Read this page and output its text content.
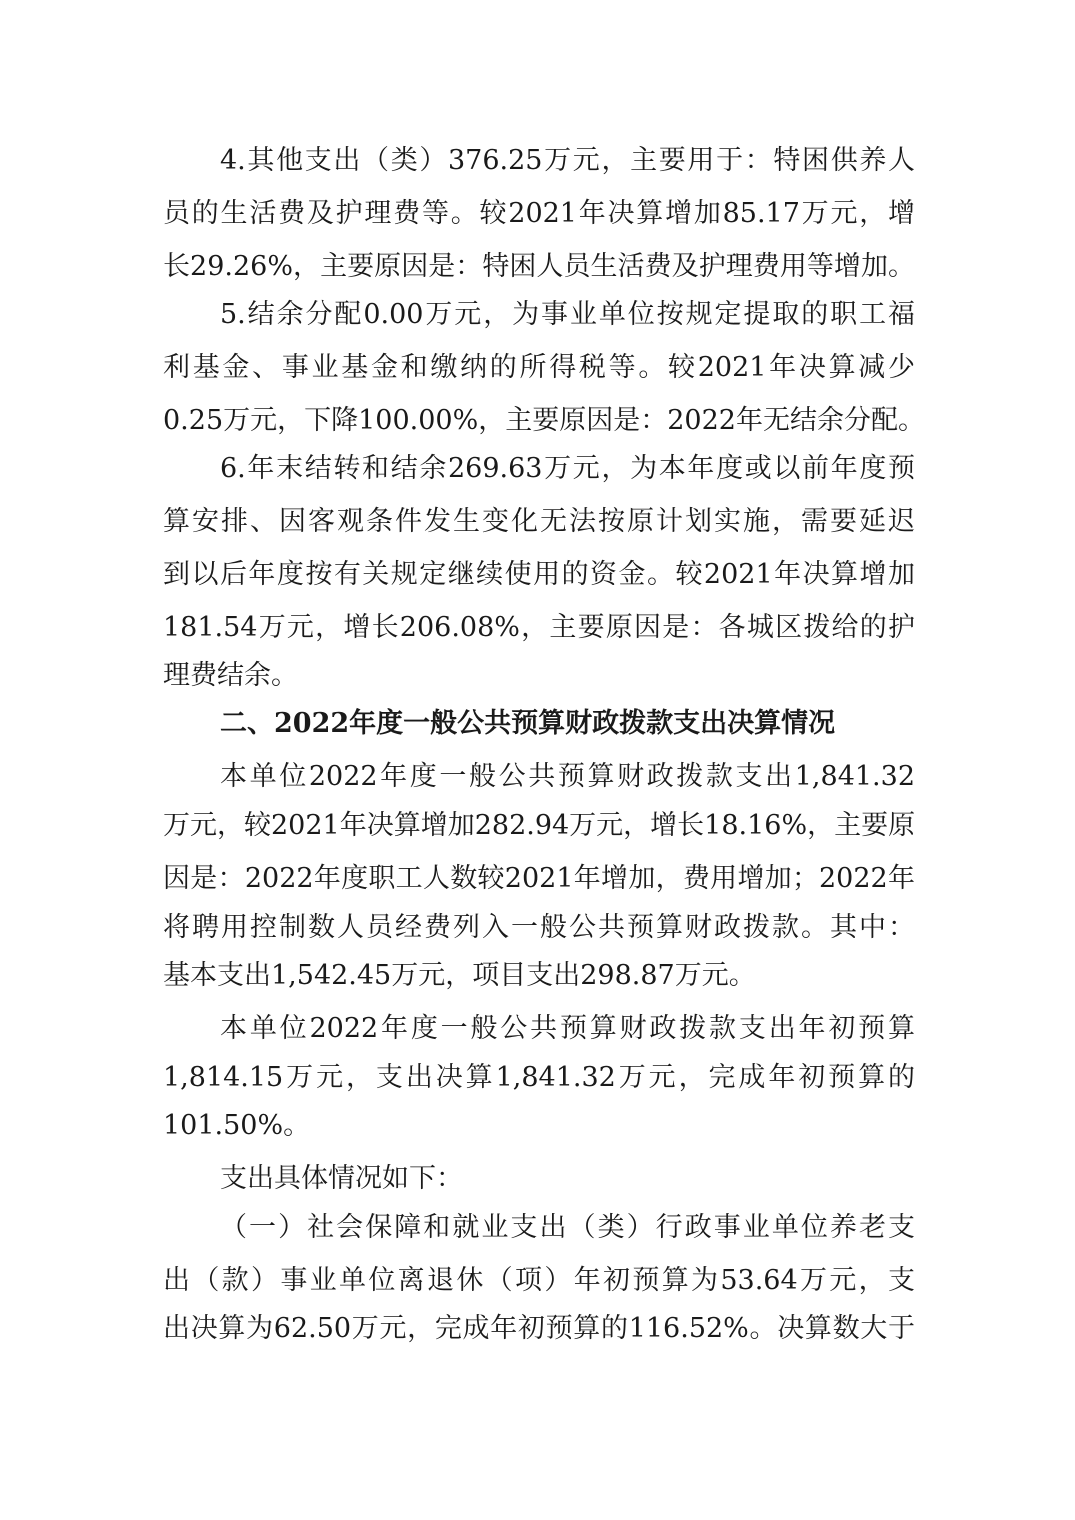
4.其他支出（类）376.25万元，主要用于：特困供养人
员的生活费及护理费等。较2021年决算增加85.17万元，增
长29.26%，主要原因是：特困人员生活费及护理费用等增加。
5.结余分配0.00万元，为事业单位按规定提取的职工福
利基金、事业基金和缴纳的所得税等。较2021年决算减少
0.25万元，下降100.00%，主要原因是：2022年无结余分配。
6.年末结转和结余269.63万元，为本年度或以前年度预
算安排、因客观条件发生变化无法按原计划实施，需要延迟
到以后年度按有关规定继续使用的资金。较2021年决算增加
181.54万元，增长206.08%，主要原因是：各城区拨给的护
理费结余。
二、2022年度一般公共预算财政拨款支出决算情况
本单位2022年度一般公共预算财政拨款支出1,841.32
万元，较2021年决算增加282.94万元，增长18.16%，主要原
因是：2022年度职工人数较2021年增加，费用增加；2022年
将聘用控制数人员经费列入一般公共预算财政拨款。其中：
基本支出1,542.45万元，项目支出298.87万元。
本单位2022年度一般公共预算财政拨款支出年初预算
1,814.15万元，支出决算1,841.32万元，完成年初预算的
101.50%。
支出具体情况如下：
（一）社会保障和就业支出（类）行政事业单位养老支
出（款）事业单位离退休（项）年初预算为53.64万元，支
出决算为62.50万元，完成年初预算的116.52%。决算数大于
